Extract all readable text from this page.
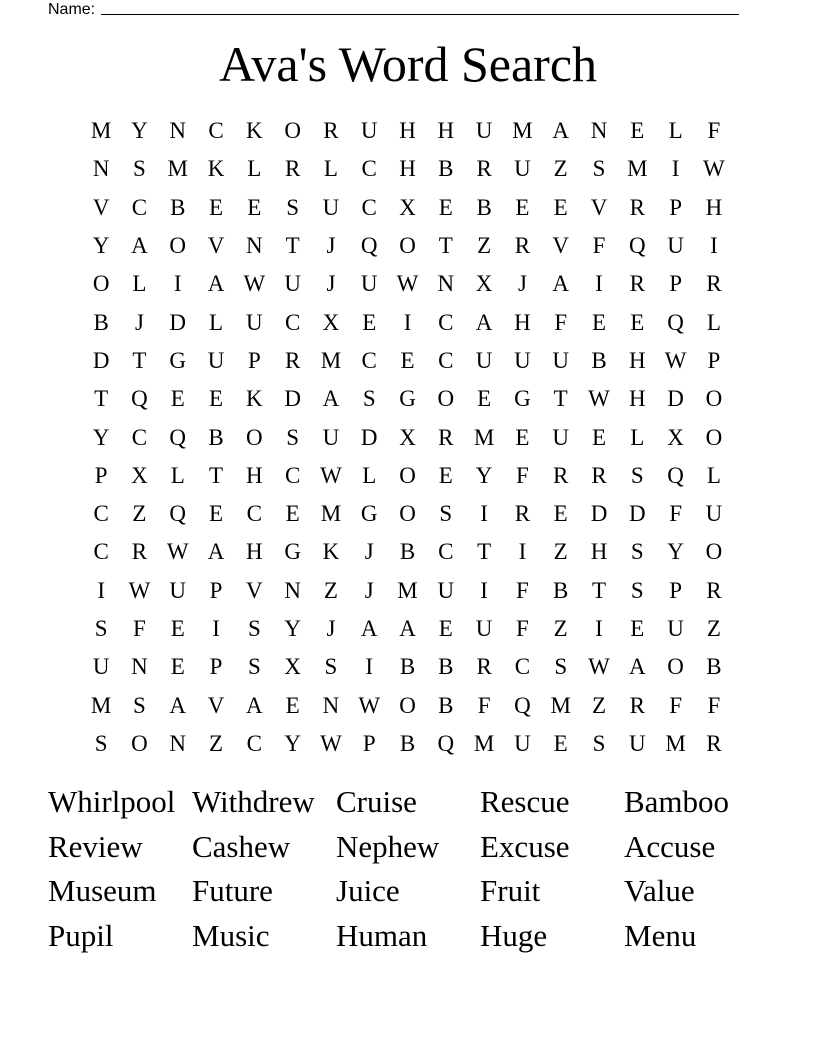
Name:
Ava's Word Search
M Y N C K O R U H H U M A N E	L	F
N	S M K L	R	L	C H B R U Z	S M	I	W
V C B	E	E	S	U C X E	B	E	E V R	P	H
Y A O V N T	J	Q O T	Z	R V	F	Q U	I
O L	I	A W U	J	U W N X	J	A	I	R	P	R
B	J	D L U C X E	I	C A H	F	E	E Q L
D T G U	P	R M C	E	C U U U B H W P
T Q E	E K D A	S	G O E G T W H D O
Y C Q B O	S	U D X R M E U E	L X O
P	X L	T H C W L O E Y	F	R R	S	Q L
C	Z Q E	C	E M G O	S	I	R	E D D	F	U
C R W A H G K	J	B C	T	I	Z H	S	Y O
I	W U	P	V N Z	J	M U	I	F	B	T	S	P	R
S	F	E	I	S	Y	J	A A E U	F	Z	I	E U Z
U N E	P	S	X	S	I	B B R C	S W A O B
M S	A V A E N W O B	F	Q M Z	R	F	F
S	O N Z	C Y W P	B Q M U E	S	U M R
Whirlpool Withdrew Cruise	Rescue	Bamboo
Review	Cashew	Nephew	Excuse	Accuse
Museum	Future	Juice	Fruit	Value
Pupil	Music	Human	Huge	Menu
